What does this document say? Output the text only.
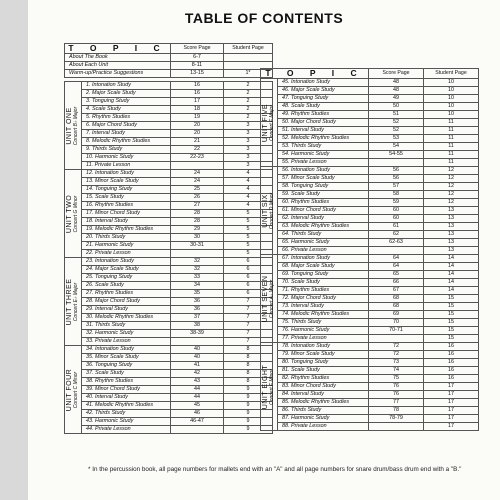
TABLE OF CONTENTS
T O P I C		Score Page	Student Page
About The Book		6-7	
About Each Unit		8-11	
Warm-up/Practice Suggestions		13-15	1*

UNIT ONE Concert B♭ Major	1. Intonation Study	16	2
	2. Major Scale Study	16	2
	3. Tonguing Study	17	2
	4. Scale Study	18	2
	5. Rhythm Studies	19	2
	6. Major Chord Study	20	3
	7. Interval Study	20	3
	8. Melodic Rhythm Studies	21	3
	9. Thirds Study	22	3
	10. Harmonic Study	22-23	3
	11. Private Lesson		3

UNIT TWO Concert G Minor	12. Intonation Study	24	4
	13. Minor Scale Study	24	4
	14. Tonguing Study	25	4
	15. Scale Study	26	4
	16. Rhythm Studies	27	4
	17. Minor Chord Study	28	5
	18. Interval Study	28	5
	19. Melodic Rhythm Studies	29	5
	20. Thirds Study	30	5
	21. Harmonic Study	30-31	5
	22. Private Lesson		5

UNIT THREE Concert E♭ Major	23. Intonation Study	32	6
	24. Major Scale Study	32	6
	25. Tonguing Study	33	6
	26. Scale Study	34	6
	27. Rhythm Studies	35	6
	28. Major Chord Study	36	7
	29. Interval Study	36	7
	30. Melodic Rhythm Studies	37	7
	31. Thirds Study	38	7
	32. Harmonic Study	38-39	7
	33. Private Lesson		7

UNIT FOUR Concert C Minor	34. Intonation Study	40	8
	35. Minor Scale Study	40	8
	36. Tonguing Study	41	8
	37. Scale Study	42	8
	38. Rhythm Studies	43	8
	39. Minor Chord Study	44	9
	40. Interval Study	44	9
	41. Melodic Rhythm Studies	45	9
	42. Thirds Study	46	9
	43. Harmonic Study	46-47	9
	44. Private Lesson		9
T O P I C		Score Page	Student Page

UNIT FIVE Concert F Major	45. Intonation Study	48	10
	46. Major Scale Study	48	10
	47. Tonguing Study	49	10
	48. Scale Study	50	10
	49. Rhythm Studies	51	10
	50. Major Chord Study	52	11
	51. Interval Study	52	11
	52. Melodic Rhythm Studies	53	11
	53. Thirds Study	54	11
	54. Harmonic Study	54-55	11
	55. Private Lesson		11

UNIT SIX Concert D Minor	56. Intonation Study	56	12
	57. Minor Scale Study	56	12
	58. Tonguing Study	57	12
	59. Scale Study	58	12
	60. Rhythm Studies	59	12
	61. Minor Chord Study	60	13
	62. Interval Study	60	13
	63. Melodic Rhythm Studies	61	13
	64. Thirds Study	62	13
	65. Harmonic Study	62-63	13
	66. Private Lesson		13

UNIT SEVEN Concert A♭ Major	67. Intonation Study	64	14
	68. Major Scale Study	64	14
	69. Tonguing Study	65	14
	70. Scale Study	66	14
	71. Rhythm Studies	67	14
	72. Major Chord Study	68	15
	73. Interval Study	68	15
	74. Melodic Rhythm Studies	69	15
	75. Thirds Study	70	15
	76. Harmonic Study	70-71	15
	77. Private Lesson		15

UNIT EIGHT Concert F Minor	78. Intonation Study	72	16
	79. Minor Scale Study	72	16
	80. Tonguing Study	73	16
	81. Scale Study	74	16
	82. Rhythm Studies	75	16
	83. Minor Chord Study	76	17
	84. Interval Study	76	17
	85. Melodic Rhythm Studies	77	17
	86. Thirds Study	78	17
	87. Harmonic Study	78-79	17
	88. Private Lesson		17
* In the percussion book, all page numbers for mallets end with an "A" and all page numbers for snare drum/bass drum end with a "B."
